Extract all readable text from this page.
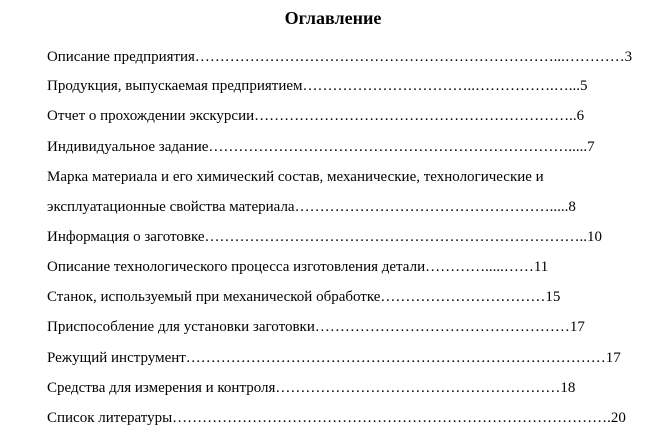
Оглавление

Описание предприятия………………………………………………………………...…………3

Продукция, выпускаемая предприятием……………………………..…………….…...5

Отчет о прохождении экскурсии………………………………………………………..6

Индивидуальное задание……………………………………………………………….....7

Марка материала и его химический состав, механические, технологические и

эксплуатационные свойства материала…………………………………………….....8

Информация о заготовке…………………………………………………………………..10

Описание технологического процесса изготовления детали………….....……11

Станок, используемый при механической обработке……………………………15

Приспособление для установки заготовки……………………………………………17

Режущий инструмент…………………………………………………………………………17

Средства для измерения и контроля…………………………………………………18

Список литературы…………………………………………………………………………….20
